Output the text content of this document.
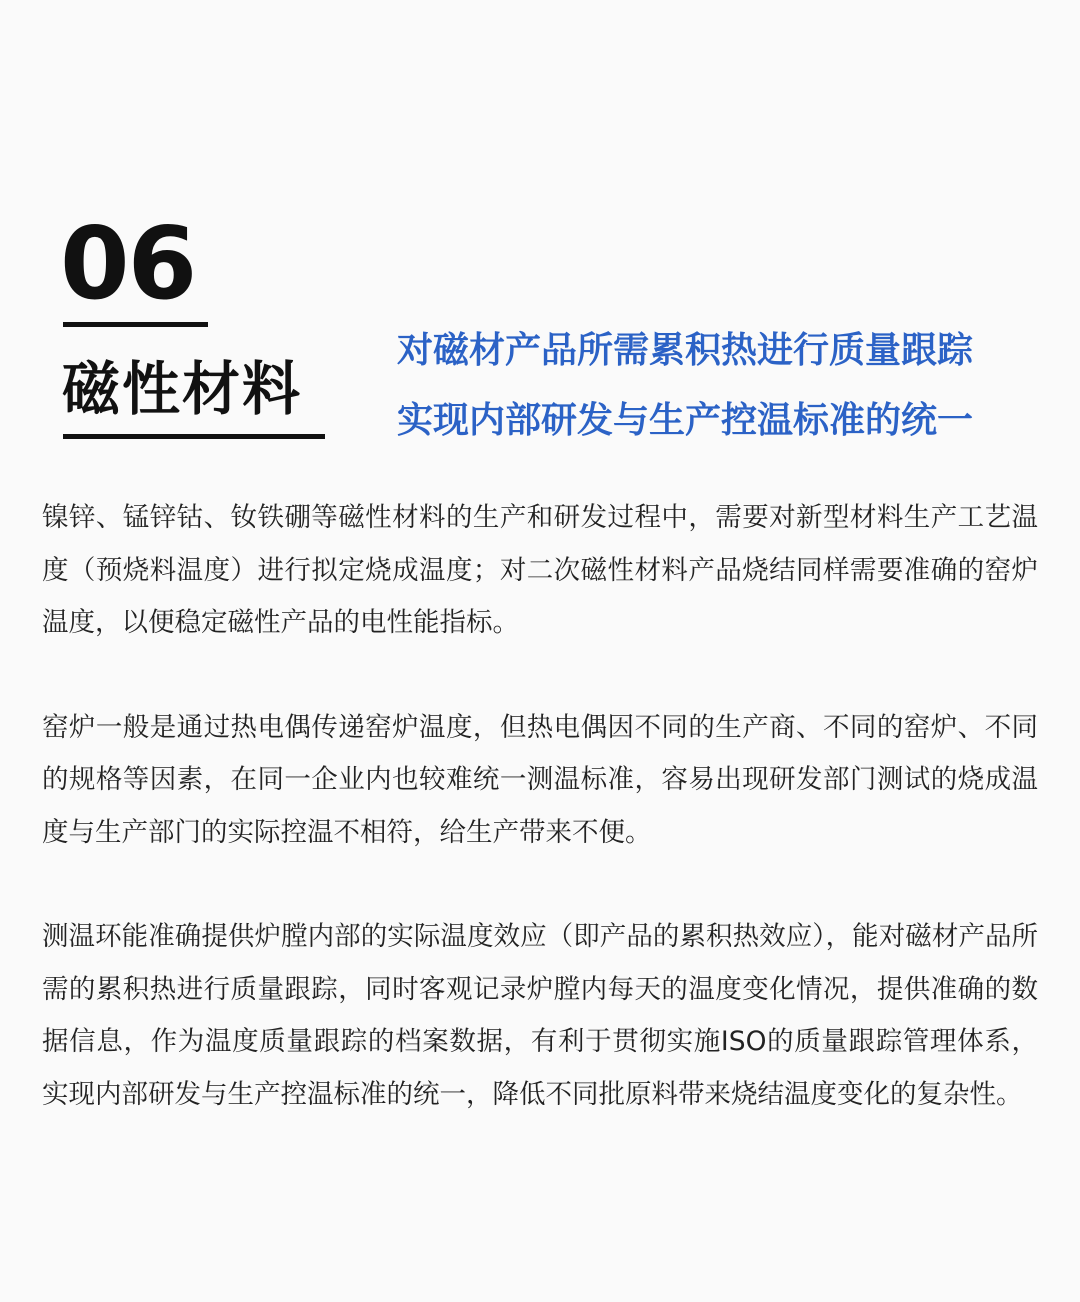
06
磁性材料
对磁材产品所需累积热进行质量跟踪
实现内部研发与生产控温标准的统一

镍锌、锰锌钴、钕铁硼等磁性材料的生产和研发过程中，需要对新型材料生产工艺温度（预烧料温度）进行拟定烧成温度；对二次磁性材料产品烧结同样需要准确的窑炉温度，以便稳定磁性产品的电性能指标。

窑炉一般是通过热电偶传递窑炉温度，但热电偶因不同的生产商、不同的窑炉、不同的规格等因素，在同一企业内也较难统一测温标准，容易出现研发部门测试的烧成温度与生产部门的实际控温不相符，给生产带来不便。

测温环能准确提供炉膛内部的实际温度效应（即产品的累积热效应），能对磁材产品所需的累积热进行质量跟踪，同时客观记录炉膛内每天的温度变化情况，提供准确的数据信息，作为温度质量跟踪的档案数据，有利于贯彻实施ISO的质量跟踪管理体系，实现内部研发与生产控温标准的统一，降低不同批原料带来烧结温度变化的复杂性。
